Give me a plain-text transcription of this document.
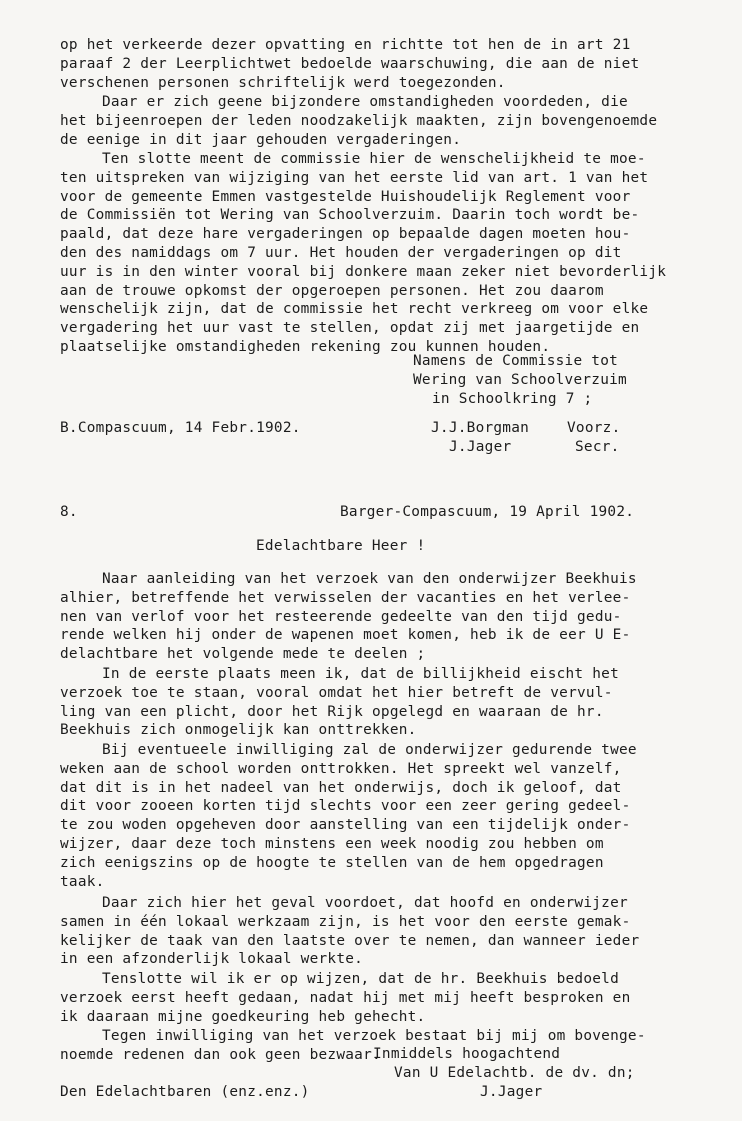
op het verkeerde dezer opvatting en richtte tot hen de in art 21
paraaf 2 der Leerplichtwet bedoelde waarschuwing, die aan de niet
verschenen personen schriftelijk werd toegezonden.
Daar er zich geene bijzondere omstandigheden voordeden, die
het bijeenroepen der leden noodzakelijk maakten, zijn bovengenoemde
de eenige in dit jaar gehouden vergaderingen.
Ten slotte meent de commissie hier de wenschelijkheid te moe-
ten uitspreken van wijziging van het eerste lid van art. 1 van het
voor de gemeente Emmen vastgestelde Huishoudelijk Reglement voor
de Commissiën tot Wering van Schoolverzuim. Daarin toch wordt be-
paald, dat deze hare vergaderingen op bepaalde dagen moeten hou-
den des namiddags om 7 uur. Het houden der vergaderingen op dit
uur is in den winter vooral bij donkere maan zeker niet bevorderlijk
aan de trouwe opkomst der opgeroepen personen. Het zou daarom
wenschelijk zijn, dat de commissie het recht verkreeg om voor elke
vergadering het uur vast te stellen, opdat zij met jaargetijde en
plaatselijke omstandigheden rekening zou kunnen houden.
Namens de Commissie tot
Wering van Schoolverzuim
in Schoolkring 7 ;
B.Compascuum, 14 Febr.1902.	J.J.Borgman	Voorz.
J.Jager	Secr.
8.	Barger-Compascuum, 19 April 1902.
Edelachtbare Heer !
Naar aanleiding van het verzoek van den onderwijzer Beekhuis
alhier, betreffende het verwisselen der vacanties en het verlee-
nen van verlof voor het resteerende gedeelte van den tijd gedu-
rende welken hij onder de wapenen moet komen, heb ik de eer U E-
delachtbare het volgende mede te deelen ;
In de eerste plaats meen ik, dat de billijkheid eischt het
verzoek toe te staan, vooral omdat het hier betreft de vervul-
ling van een plicht, door het Rijk opgelegd en waaraan de hr.
Beekhuis zich onmogelijk kan onttrekken.
Bij eventueele inwilliging zal de onderwijzer gedurende twee
weken aan de school worden onttrokken. Het spreekt wel vanzelf,
dat dit is in het nadeel van het onderwijs, doch ik geloof, dat
dit voor zooeen korten tijd slechts voor een zeer gering gedeel-
te zou woden opgeheven door aanstelling van een tijdelijk onder-
wijzer, daar deze toch minstens een week noodig zou hebben om
zich eenigszins op de hoogte te stellen van de hem opgedragen
taak.
Daar zich hier het geval voordoet, dat hoofd en onderwijzer
samen in één lokaal werkzaam zijn, is het voor den eerste gemak-
kelijker de taak van den laatste over te nemen, dan wanneer ieder
in een afzonderlijk lokaal werkte.
Tenslotte wil ik er op wijzen, dat de hr. Beekhuis bedoeld
verzoek eerst heeft gedaan, nadat hij met mij heeft besproken en
ik daaraan mijne goedkeuring heb gehecht.
Tegen inwilliging van het verzoek bestaat bij mij om bovenge-
noemde redenen dan ook geen bezwaar.
Inmiddels hoogachtend
Van U Edelachtb. de dv. dn;
Den Edelachtbaren (enz.enz.)	J.Jager
